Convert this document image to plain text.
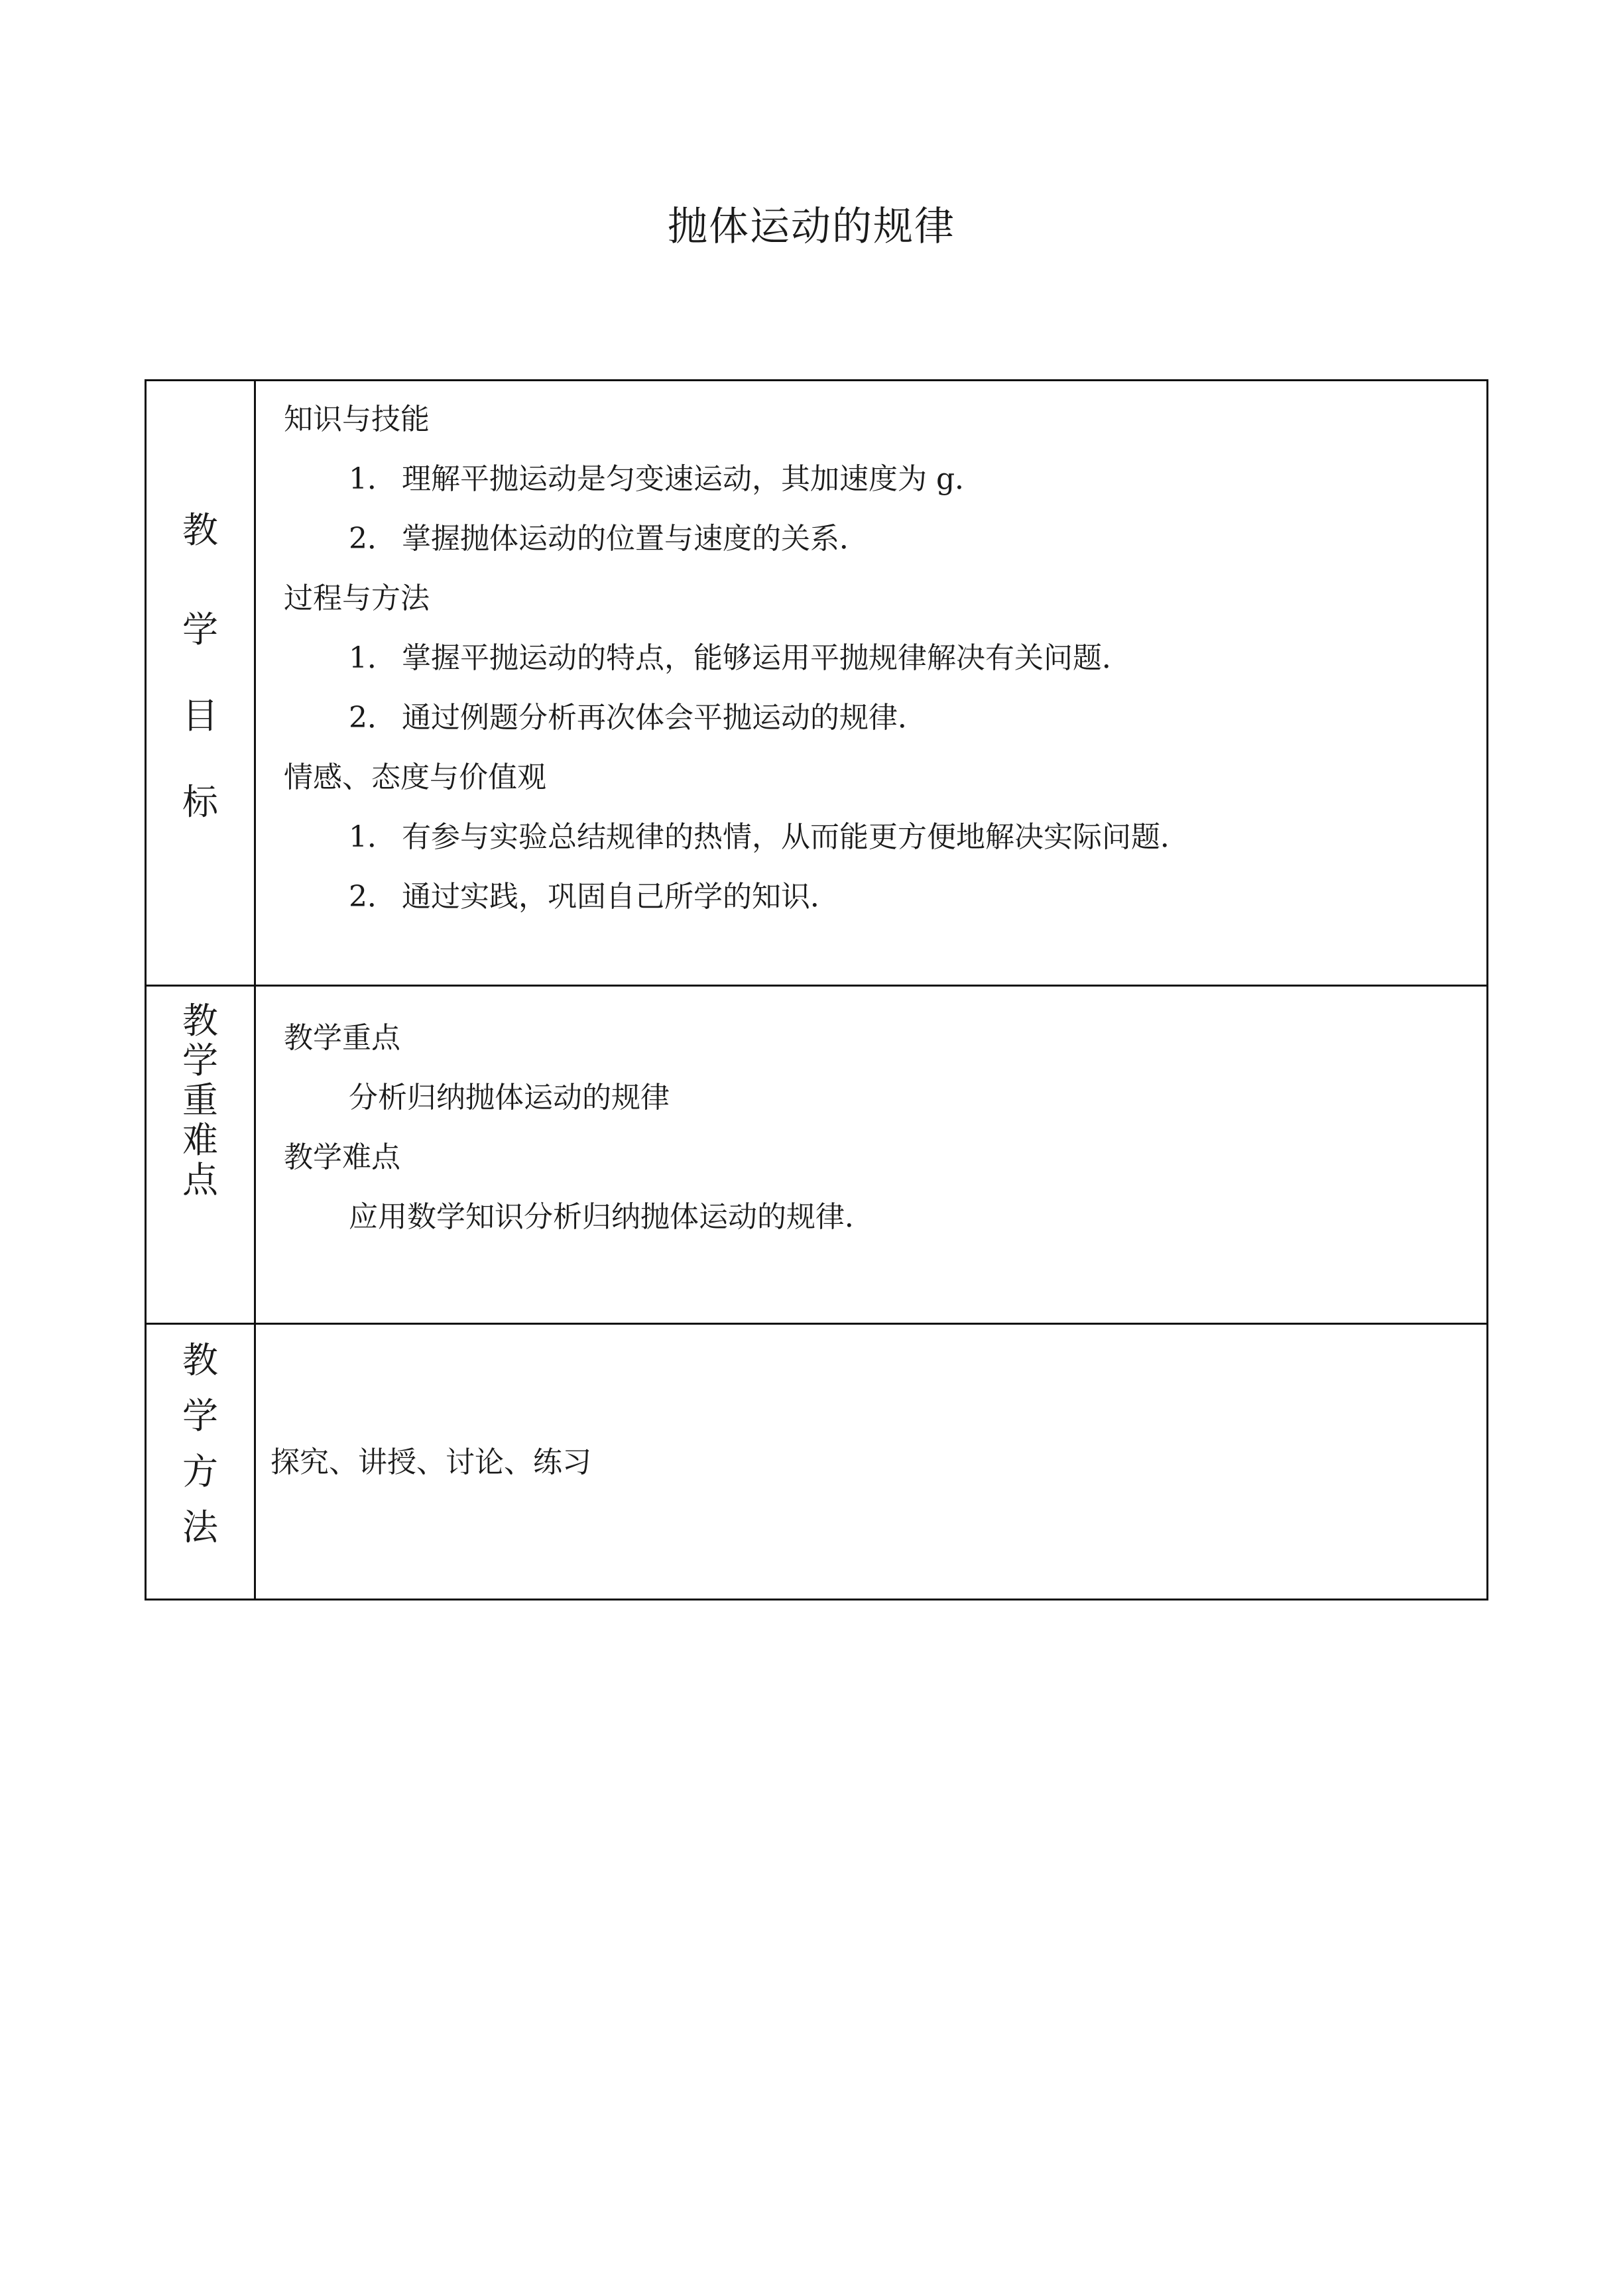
抛体运动的规律
教
学
目
标
知识与技能
1． 理解平抛运动是匀变速运动，其加速度为 g．
2． 掌握抛体运动的位置与速度的关系．
过程与方法
1． 掌握平抛运动的特点，能够运用平抛规律解决有关问题．
2． 通过例题分析再次体会平抛运动的规律．
情感、态度与价值观
1． 有参与实验总结规律的热情，从而能更方便地解决实际问题．
2． 通过实践，巩固自己所学的知识．
教
学
重
难
点
教学重点
分析归纳抛体运动的规律
教学难点
应用数学知识分析归纳抛体运动的规律．
教
学
方
法
探究、讲授、讨论、练习
